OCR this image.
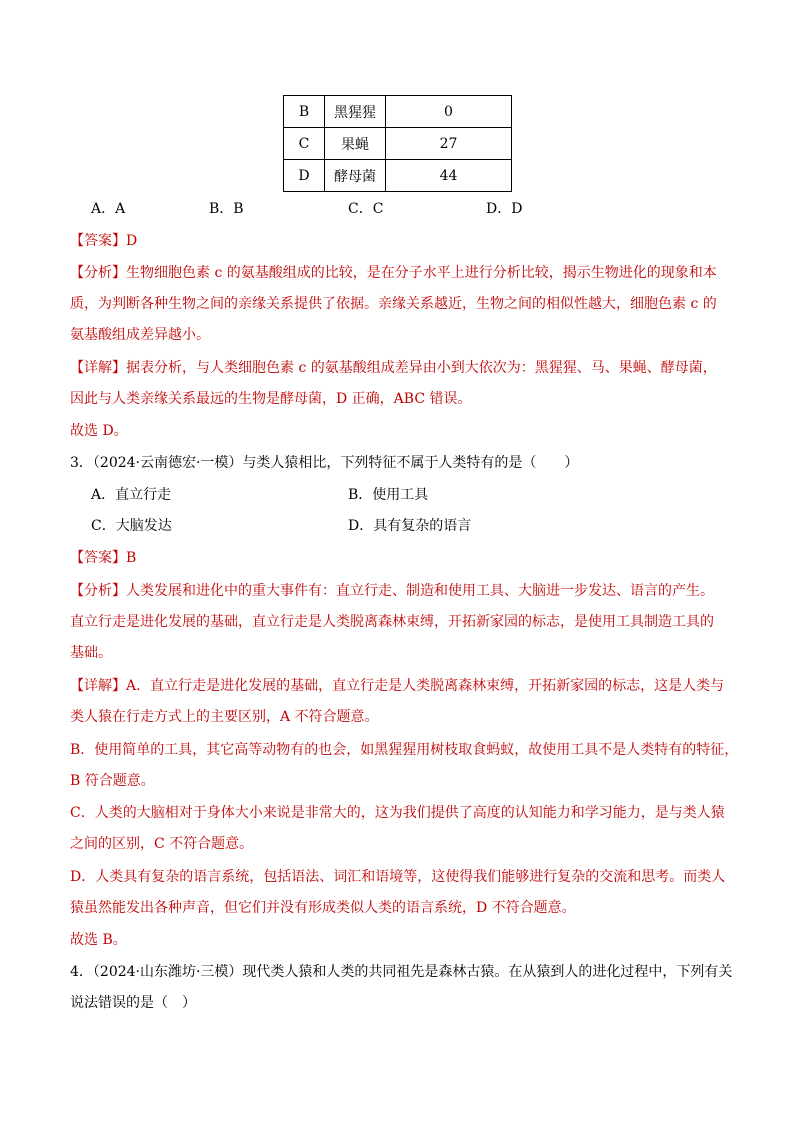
B	黑猩猩	0
C	果蝇	27
D	酵母菌	44
A．A	B．B	C．C	D．D
【答案】D
【分析】生物细胞色素 c 的氨基酸组成的比较，是在分子水平上进行分析比较，揭示生物进化的现象和本
质，为判断各种生物之间的亲缘关系提供了依据。亲缘关系越近，生物之间的相似性越大，细胞色素 c 的
氨基酸组成差异越小。
【详解】据表分析，与人类细胞色素 c 的氨基酸组成差异由小到大依次为：黑猩猩、马、果蝇、酵母菌，
因此与人类亲缘关系最远的生物是酵母菌，D 正确，ABC 错误。
故选 D。
3．（2024·云南德宏·一模）与类人猿相比，下列特征不属于人类特有的是（　　）
A．直立行走	B．使用工具
C．大脑发达	D．具有复杂的语言
【答案】B
【分析】人类发展和进化中的重大事件有：直立行走、制造和使用工具、大脑进一步发达、语言的产生。
直立行走是进化发展的基础，直立行走是人类脱离森林束缚，开拓新家园的标志，是使用工具制造工具的
基础。
【详解】A．直立行走是进化发展的基础，直立行走是人类脱离森林束缚，开拓新家园的标志，这是人类与
类人猿在行走方式上的主要区别，A 不符合题意。
B．使用简单的工具，其它高等动物有的也会，如黑猩猩用树枝取食蚂蚁，故使用工具不是人类特有的特征，
B 符合题意。
C．人类的大脑相对于身体大小来说是非常大的，这为我们提供了高度的认知能力和学习能力，是与类人猿
之间的区别，C 不符合题意。
D．人类具有复杂的语言系统，包括语法、词汇和语境等，这使得我们能够进行复杂的交流和思考。而类人
猿虽然能发出各种声音，但它们并没有形成类似人类的语言系统，D 不符合题意。
故选 B。
4．（2024·山东潍坊·三模）现代类人猿和人类的共同祖先是森林古猿。在从猿到人的进化过程中，下列有关
说法错误的是（　）
